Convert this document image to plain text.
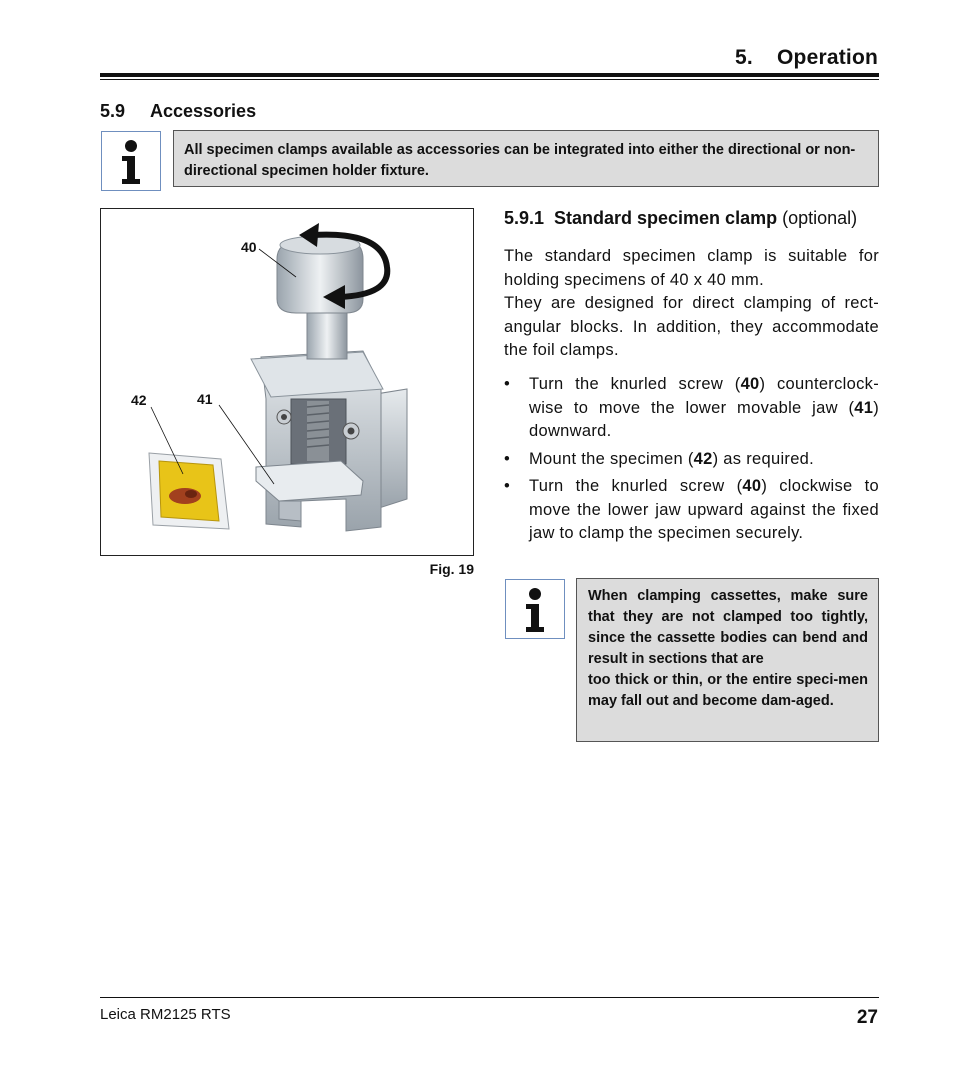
5.    Operation
5.9 Accessories
All specimen clamps available as accessories can be integrated into either the directional or non-directional specimen holder fixture.
40
41
42
Fig. 19
5.9.1 Standard specimen clamp (optional)
The standard specimen clamp is suitable for holding specimens of 40 x 40 mm.
They are designed for direct clamping of rect-angular blocks. In addition, they accommodate the foil clamps.
• Turn the knurled screw (40) counterclock-wise to move the lower movable jaw (41) downward.
• Mount the specimen (42) as required.
• Turn the knurled screw (40) clockwise to move the lower jaw upward against the fixed jaw to clamp the specimen securely.
When clamping cassettes, make sure that they are not clamped too tightly, since the cassette bodies can bend and result in sections that are
too thick or thin, or the entire speci-men may fall out and become dam-aged.
Leica RM2125 RTS	27
